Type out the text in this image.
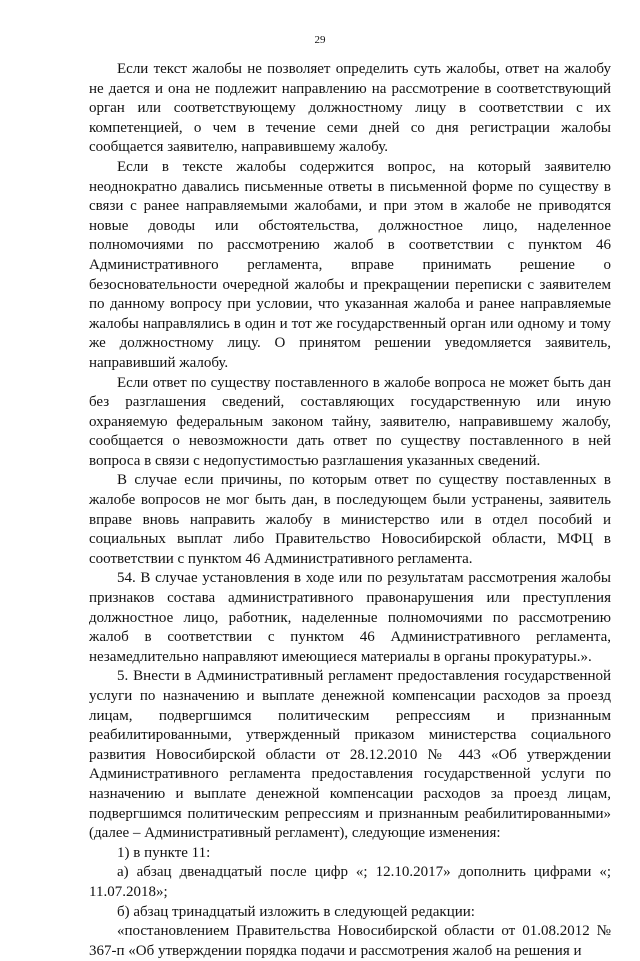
29

Если текст жалобы не позволяет определить суть жалобы, ответ на жалобу не дается и она не подлежит направлению на рассмотрение в соответствующий орган или соответствующему должностному лицу в соответствии с их компетенцией, о чем в течение семи дней со дня регистрации жалобы сообщается заявителю, направившему жалобу.

Если в тексте жалобы содержится вопрос, на который заявителю неоднократно давались письменные ответы в письменной форме по существу в связи с ранее направляемыми жалобами, и при этом в жалобе не приводятся новые доводы или обстоятельства, должностное лицо, наделенное полномочиями по рассмотрению жалоб в соответствии с пунктом 46 Административного регламента, вправе принимать решение о безосновательности очередной жалобы и прекращении переписки с заявителем по данному вопросу при условии, что указанная жалоба и ранее направляемые жалобы направлялись в один и тот же государственный орган или одному и тому же должностному лицу. О принятом решении уведомляется заявитель, направивший жалобу.

Если ответ по существу поставленного в жалобе вопроса не может быть дан без разглашения сведений, составляющих государственную или иную охраняемую федеральным законом тайну, заявителю, направившему жалобу, сообщается о невозможности дать ответ по существу поставленного в ней вопроса в связи с недопустимостью разглашения указанных сведений.

В случае если причины, по которым ответ по существу поставленных в жалобе вопросов не мог быть дан, в последующем были устранены, заявитель вправе вновь направить жалобу в министерство или в отдел пособий и социальных выплат либо Правительство Новосибирской области, МФЦ в соответствии с пунктом 46 Административного регламента.

54. В случае установления в ходе или по результатам рассмотрения жалобы признаков состава административного правонарушения или преступления должностное лицо, работник, наделенные полномочиями по рассмотрению жалоб в соответствии с пунктом 46 Административного регламента, незамедлительно направляют имеющиеся материалы в органы прокуратуры.».

5. Внести в Административный регламент предоставления государственной услуги по назначению и выплате денежной компенсации расходов за проезд лицам, подвергшимся политическим репрессиям и признанным реабилитированными, утвержденный приказом министерства социального развития Новосибирской области от 28.12.2010 № 443 «Об утверждении Административного регламента предоставления государственной услуги по назначению и выплате денежной компенсации расходов за проезд лицам, подвергшимся политическим репрессиям и признанным реабилитированными» (далее – Административный регламент), следующие изменения:

1) в пункте 11:

а) абзац двенадцатый после цифр «; 12.10.2017» дополнить цифрами «; 11.07.2018»;

б) абзац тринадцатый изложить в следующей редакции:

«постановлением Правительства Новосибирской области от 01.08.2012 № 367-п «Об утверждении порядка подачи и рассмотрения жалоб на решения и
